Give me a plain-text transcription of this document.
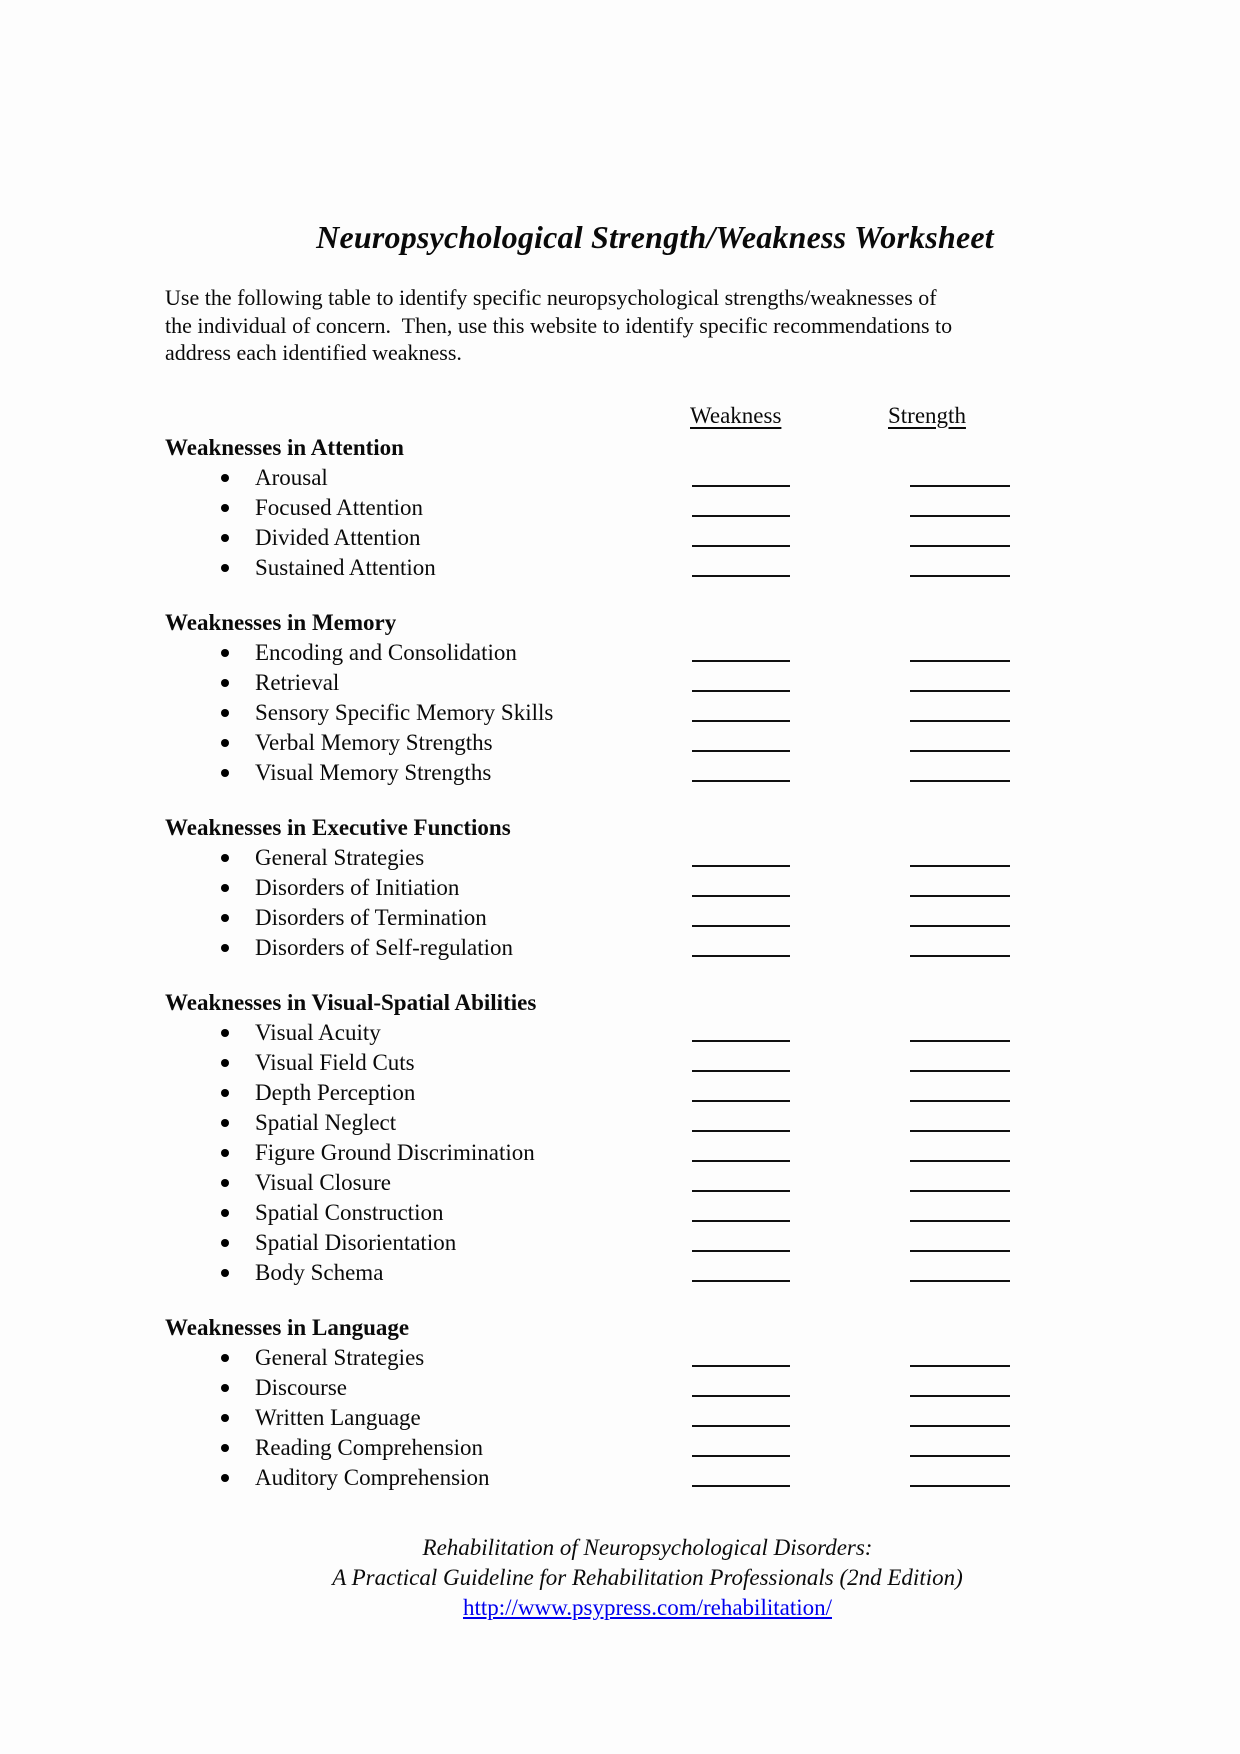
Neuropsychological Strength/Weakness Worksheet
Use the following table to identify specific neuropsychological strengths/weaknesses of
the individual of concern.  Then, use this website to identify specific recommendations to
address each identified weakness.
Weakness	Strength
Weaknesses in Attention
Arousal
Focused Attention
Divided Attention
Sustained Attention
Weaknesses in Memory
Encoding and Consolidation
Retrieval
Sensory Specific Memory Skills
Verbal Memory Strengths
Visual Memory Strengths
Weaknesses in Executive Functions
General Strategies
Disorders of Initiation
Disorders of Termination
Disorders of Self-regulation
Weaknesses in Visual-Spatial Abilities
Visual Acuity
Visual Field Cuts
Depth Perception
Spatial Neglect
Figure Ground Discrimination
Visual Closure
Spatial Construction
Spatial Disorientation
Body Schema
Weaknesses in Language
General Strategies
Discourse
Written Language
Reading Comprehension
Auditory Comprehension
Rehabilitation of Neuropsychological Disorders:
A Practical Guideline for Rehabilitation Professionals (2nd Edition)
http://www.psypress.com/rehabilitation/
